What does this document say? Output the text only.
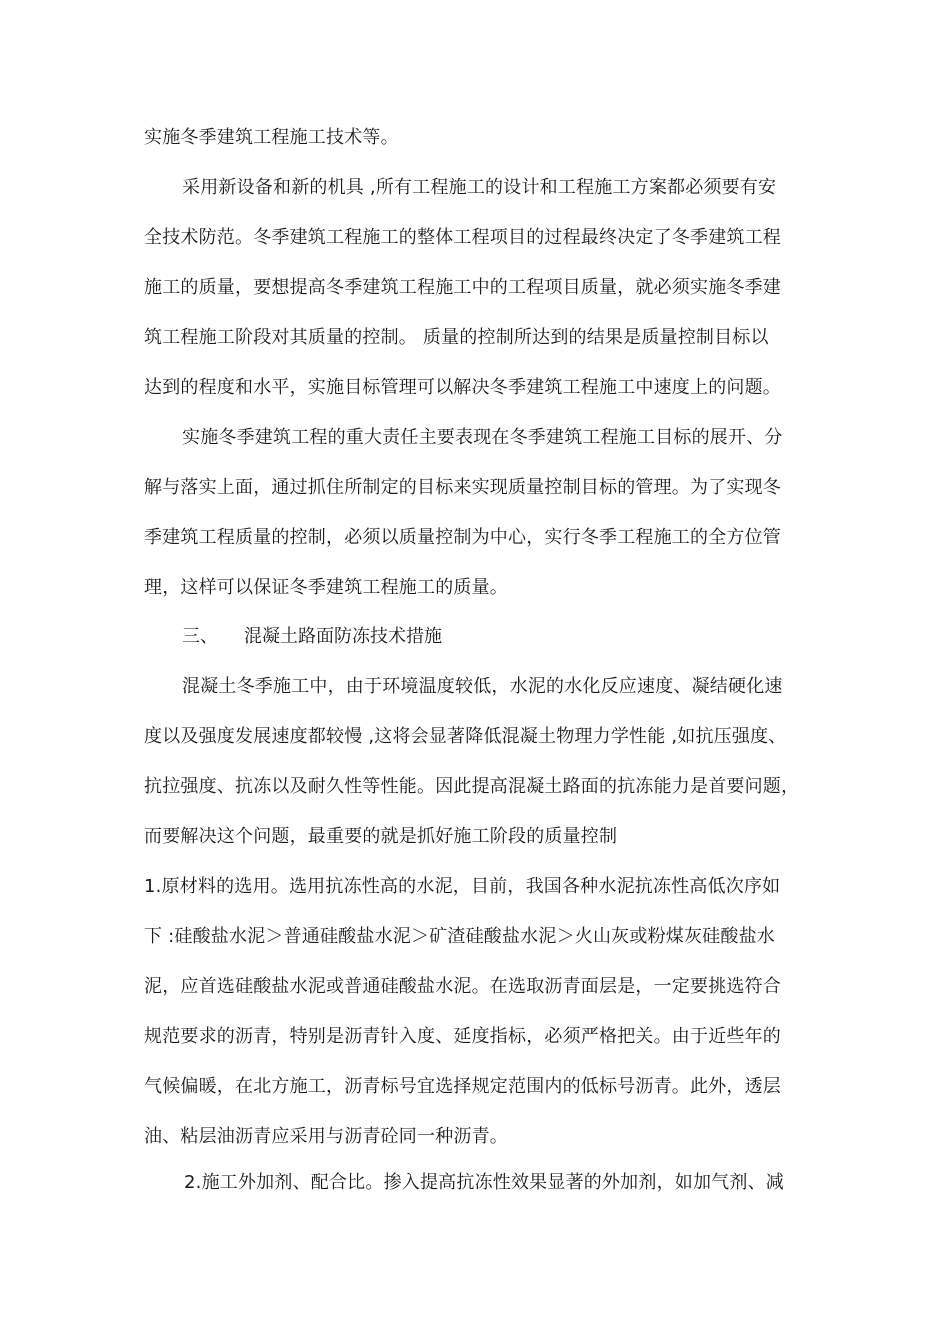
实施冬季建筑工程施工技术等。
采用新设备和新的机具 ,所有工程施工的设计和工程施工方案都必须要有安
全技术防范。冬季建筑工程施工的整体工程项目的过程最终决定了冬季建筑工程
施工的质量，要想提高冬季建筑工程施工中的工程项目质量，就必须实施冬季建
筑工程施工阶段对其质量的控制。 质量的控制所达到的结果是质量控制目标以
达到的程度和水平，实施目标管理可以解决冬季建筑工程施工中速度上的问题。
实施冬季建筑工程的重大责任主要表现在冬季建筑工程施工目标的展开、分
解与落实上面，通过抓住所制定的目标来实现质量控制目标的管理。为了实现冬
季建筑工程质量的控制，必须以质量控制为中心，实行冬季工程施工的全方位管
理，这样可以保证冬季建筑工程施工的质量。
三、 混凝土路面防冻技术措施
混凝土冬季施工中，由于环境温度较低，水泥的水化反应速度、凝结硬化速
度以及强度发展速度都较慢 ,这将会显著降低混凝土物理力学性能 ,如抗压强度、
抗拉强度、抗冻以及耐久性等性能。因此提高混凝土路面的抗冻能力是首要问题，
而要解决这个问题，最重要的就是抓好施工阶段的质量控制
1.原材料的选用。选用抗冻性高的水泥，目前，我国各种水泥抗冻性高低次序如
下 :硅酸盐水泥＞普通硅酸盐水泥＞矿渣硅酸盐水泥＞火山灰或粉煤灰硅酸盐水
泥，应首选硅酸盐水泥或普通硅酸盐水泥。在选取沥青面层是，一定要挑选符合
规范要求的沥青，特别是沥青针入度、延度指标，必须严格把关。由于近些年的
气候偏暖，在北方施工，沥青标号宜选择规定范围内的低标号沥青。此外，透层
油、粘层油沥青应采用与沥青砼同一种沥青。
2.施工外加剂、配合比。掺入提高抗冻性效果显著的外加剂，如加气剂、减
